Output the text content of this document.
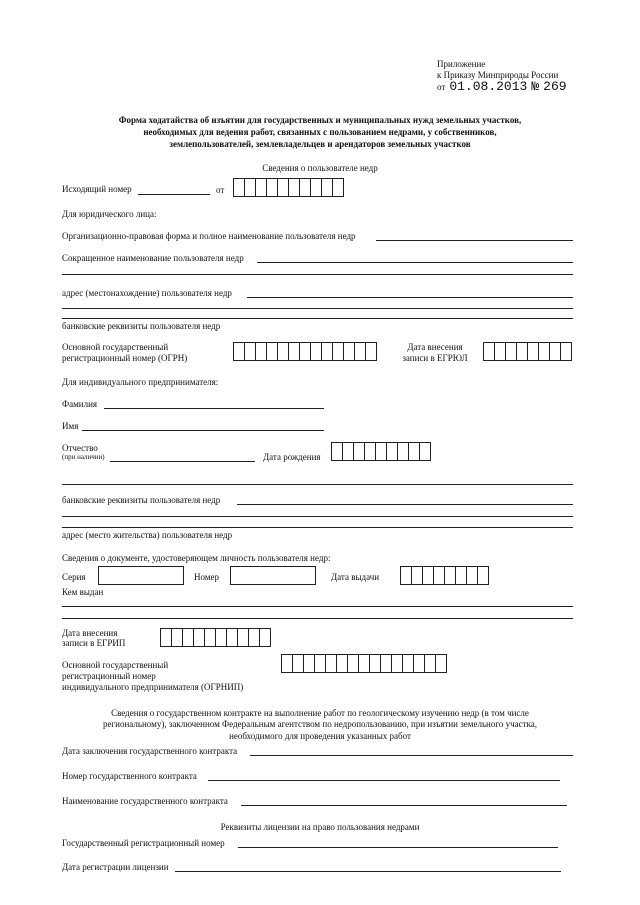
Приложение
к Приказу Минприроды России
от 01.08.2013 № 269
Форма ходатайства об изъятии для государственных и муниципальных нужд земельных участков,
необходимых для ведения работ, связанных с пользованием недрами, у собственников,
землепользователей, землевладельцев и арендаторов земельных участков
Сведения о пользователе недр
Исходящий номер	от
Для юридического лица:
Организационно-правовая форма и полное наименование пользователя недр
Сокращенное наименование пользователя недр
адрес (местонахождение) пользователя недр
банковские реквизиты пользователя недр
Основной государственный
регистрационный номер (ОГРН)
Дата внесения
записи в ЕГРЮЛ
Для индивидуального предпринимателя:
Фамилия
Имя
Отчество
(при наличии)	Дата рождения
банковские реквизиты пользователя недр
адрес (место жительства) пользователя недр
Сведения о документе, удостоверяющем личность пользователя недр:
Серия	Номер	Дата выдачи
Кем выдан
Дата внесения
записи в ЕГРИП
Основной государственный
регистрационный номер
индивидуального предпринимателя (ОГРНИП)
Сведения о государственном контракте на выполнение работ по геологическому изучению недр (в том числе
региональному), заключенном Федеральным агентством по недропользованию, при изъятии земельного участка,
необходимого для проведения указанных работ
Дата заключения государственного контракта
Номер государственного контракта
Наименование государственного контракта
Реквизиты лицензии на право пользования недрами
Государственный регистрационный номер
Дата регистрации лицензии
